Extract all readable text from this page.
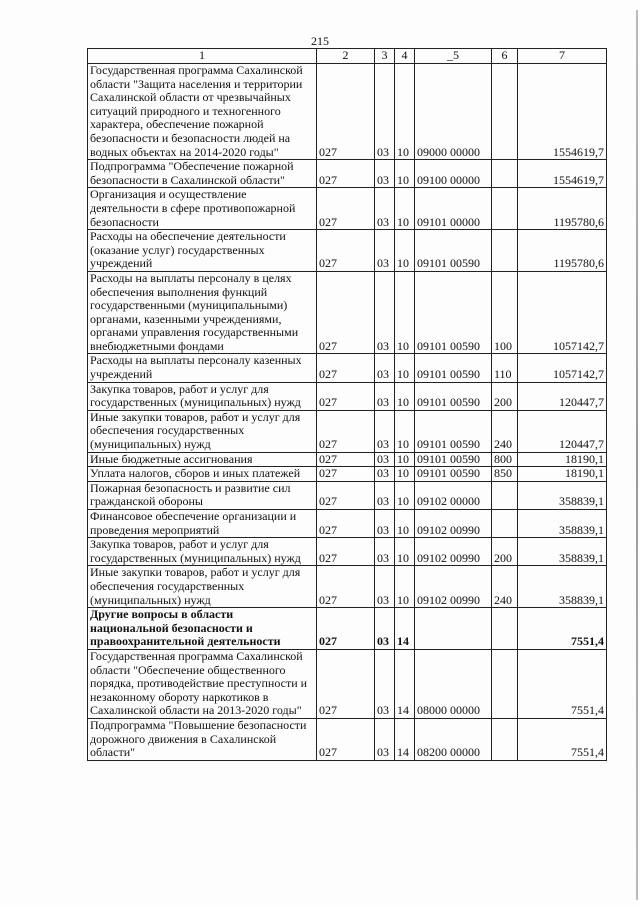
215
1	2	3	4	_5	6	7
Государственная программа Сахалинской области "Защита населения и территории Сахалинской области от чрезвычайных ситуаций природного и техногенного характера, обеспечение пожарной безопасности и безопасности людей на водных объектах на 2014-2020 годы"	027	03	10	09000 00000		1554619,7
Подпрограмма "Обеспечение пожарной безопасности в Сахалинской области"	027	03	10	09100 00000		1554619,7
Организация и осуществление деятельности в сфере противопожарной безопасности	027	03	10	09101 00000		1195780,6
Расходы на обеспечение деятельности (оказание услуг) государственных учреждений	027	03	10	09101 00590		1195780,6
Расходы на выплаты персоналу в целях обеспечения выполнения функций государственными (муниципальными) органами, казенными учреждениями, органами управления государственными внебюджетными фондами	027	03	10	09101 00590	100	1057142,7
Расходы на выплаты персоналу казенных учреждений	027	03	10	09101 00590	110	1057142,7
Закупка товаров, работ и услуг для государственных (муниципальных) нужд	027	03	10	09101 00590	200	120447,7
Иные закупки товаров, работ и услуг для обеспечения государственных (муниципальных) нужд	027	03	10	09101 00590	240	120447,7
Иные бюджетные ассигнования	027	03	10	09101 00590	800	18190,1
Уплата налогов, сборов и иных платежей	027	03	10	09101 00590	850	18190,1
Пожарная безопасность и развитие сил гражданской обороны	027	03	10	09102 00000		358839,1
Финансовое обеспечение организации и проведения мероприятий	027	03	10	09102 00990		358839,1
Закупка товаров, работ и услуг для государственных (муниципальных) нужд	027	03	10	09102 00990	200	358839,1
Иные закупки товаров, работ и услуг для обеспечения государственных (муниципальных) нужд	027	03	10	09102 00990	240	358839,1
Другие вопросы в области национальной безопасности и правоохранительной деятельности	027	03	14			7551,4
Государственная программа Сахалинской области "Обеспечение общественного порядка, противодействие преступности и незаконному обороту наркотиков в Сахалинской области на 2013-2020 годы"	027	03	14	08000 00000		7551,4
Подпрограмма "Повышение безопасности дорожного движения в Сахалинской области"	027	03	14	08200 00000		7551,4
